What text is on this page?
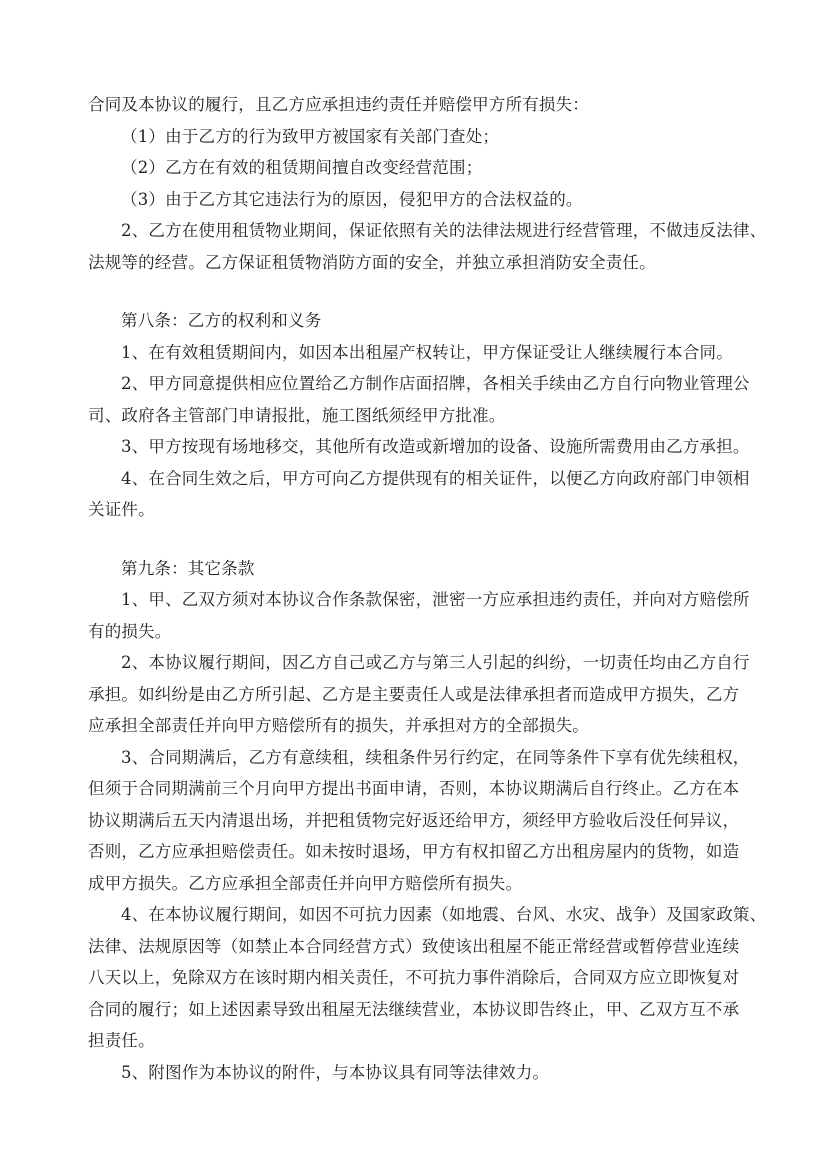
合同及本协议的履行，且乙方应承担违约责任并赔偿甲方所有损失：
（1）由于乙方的行为致甲方被国家有关部门查处；
（2）乙方在有效的租赁期间擅自改变经营范围；
（3）由于乙方其它违法行为的原因，侵犯甲方的合法权益的。
2、乙方在使用租赁物业期间，保证依照有关的法律法规进行经营管理，不做违反法律、
法规等的经营。乙方保证租赁物消防方面的安全，并独立承担消防安全责任。
第八条：乙方的权利和义务
1、在有效租赁期间内，如因本出租屋产权转让，甲方保证受让人继续履行本合同。
2、甲方同意提供相应位置给乙方制作店面招牌，各相关手续由乙方自行向物业管理公
司、政府各主管部门申请报批，施工图纸须经甲方批准。
3、甲方按现有场地移交，其他所有改造或新增加的设备、设施所需费用由乙方承担。
4、在合同生效之后，甲方可向乙方提供现有的相关证件，以便乙方向政府部门申领相
关证件。
第九条：其它条款
1、甲、乙双方须对本协议合作条款保密，泄密一方应承担违约责任，并向对方赔偿所
有的损失。
2、本协议履行期间，因乙方自己或乙方与第三人引起的纠纷，一切责任均由乙方自行
承担。如纠纷是由乙方所引起、乙方是主要责任人或是法律承担者而造成甲方损失，乙方
应承担全部责任并向甲方赔偿所有的损失，并承担对方的全部损失。
3、合同期满后，乙方有意续租，续租条件另行约定，在同等条件下享有优先续租权，
但须于合同期满前三个月向甲方提出书面申请，否则，本协议期满后自行终止。乙方在本
协议期满后五天内清退出场，并把租赁物完好返还给甲方，须经甲方验收后没任何异议，
否则，乙方应承担赔偿责任。如未按时退场，甲方有权扣留乙方出租房屋内的货物，如造
成甲方损失。乙方应承担全部责任并向甲方赔偿所有损失。
4、在本协议履行期间，如因不可抗力因素（如地震、台风、水灾、战争）及国家政策、
法律、法规原因等（如禁止本合同经营方式）致使该出租屋不能正常经营或暂停营业连续
八天以上，免除双方在该时期内相关责任，不可抗力事件消除后，合同双方应立即恢复对
合同的履行；如上述因素导致出租屋无法继续营业，本协议即告终止，甲、乙双方互不承
担责任。
5、附图作为本协议的附件，与本协议具有同等法律效力。
